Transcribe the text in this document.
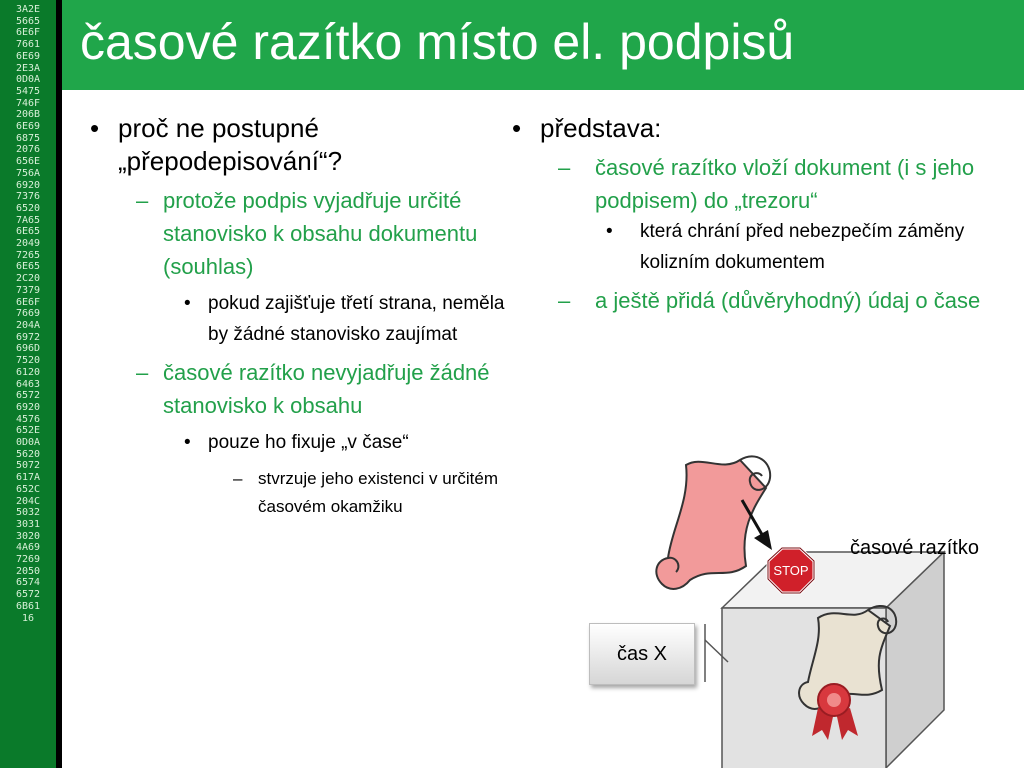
3A2E
5665
6E6F
7661
6E69
2E3A
0D0A
5475
746F
206B
6E69
6875
2076
656E
756A
6920
7376
6520
7A65
6E65
2049
7265
6E65
2C20
7379
6E6F
7669
204A
6972
696D
7520
6120
6463
6572
6920
4576
652E
0D0A
5620
5072
617A
652C
204C
5032
3031
3020
4A69
7269
2050
6574
6572
6B61
16
časové razítko místo el. podpisů
• proč ne postupné „přepodepisování“?
– protože podpis vyjadřuje určité stanovisko k obsahu dokumentu (souhlas)
• pokud zajišťuje třetí strana, neměla by žádné stanovisko zaujímat
– časové razítko nevyjadřuje žádné stanovisko k obsahu
• pouze ho fixuje „v čase“
– stvrzuje jeho existenci v určitém časovém okamžiku
• představa:
– časové razítko vloží dokument (i s jeho podpisem) do „trezoru“
• která chrání před nebezpečím záměny kolizním dokumentem
– a ještě přidá (důvěryhodný) údaj o čase
STOP
časové razítko
čas X
